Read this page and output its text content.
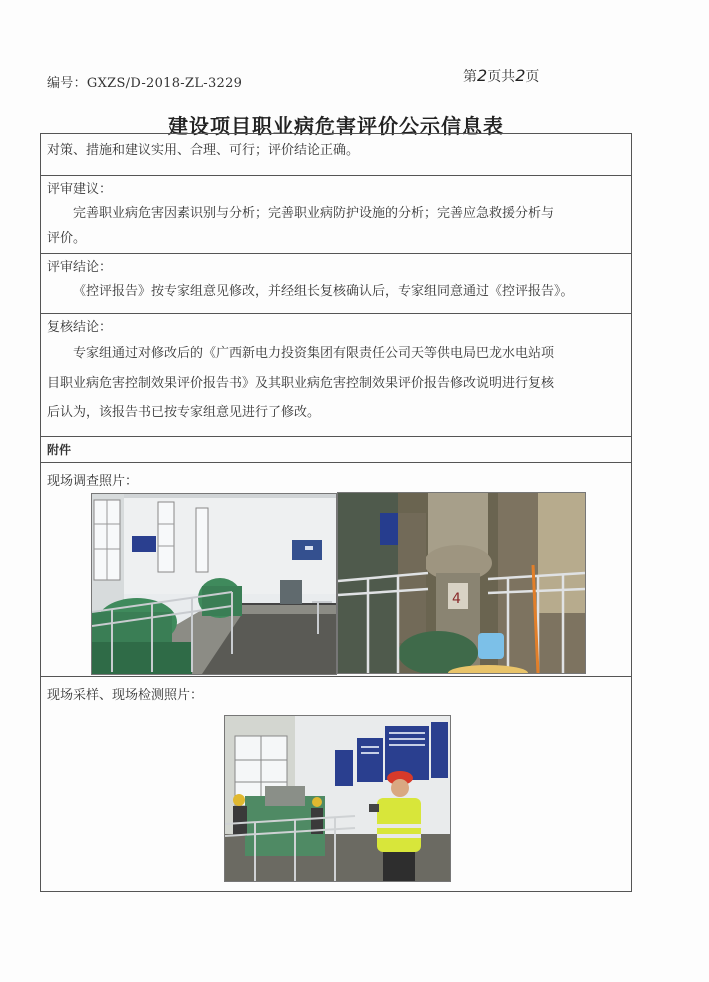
编号：GXZS/D-2018-ZL-3229	第2页共2页
建设项目职业病危害评价公示信息表
对策、措施和建议实用、合理、可行；评价结论正确。
评审建议：
完善职业病危害因素识别与分析；完善职业病防护设施的分析；完善应急救援分析与
评价。
评审结论：
《控评报告》按专家组意见修改，并经组长复核确认后，专家组同意通过《控评报告》。
复核结论：
专家组通过对修改后的《广西新电力投资集团有限责任公司天等供电局巴龙水电站项
目职业病危害控制效果评价报告书》及其职业病危害控制效果评价报告修改说明进行复核
后认为，该报告书已按专家组意见进行了修改。
附件
现场调查照片：
4
现场采样、现场检测照片：
